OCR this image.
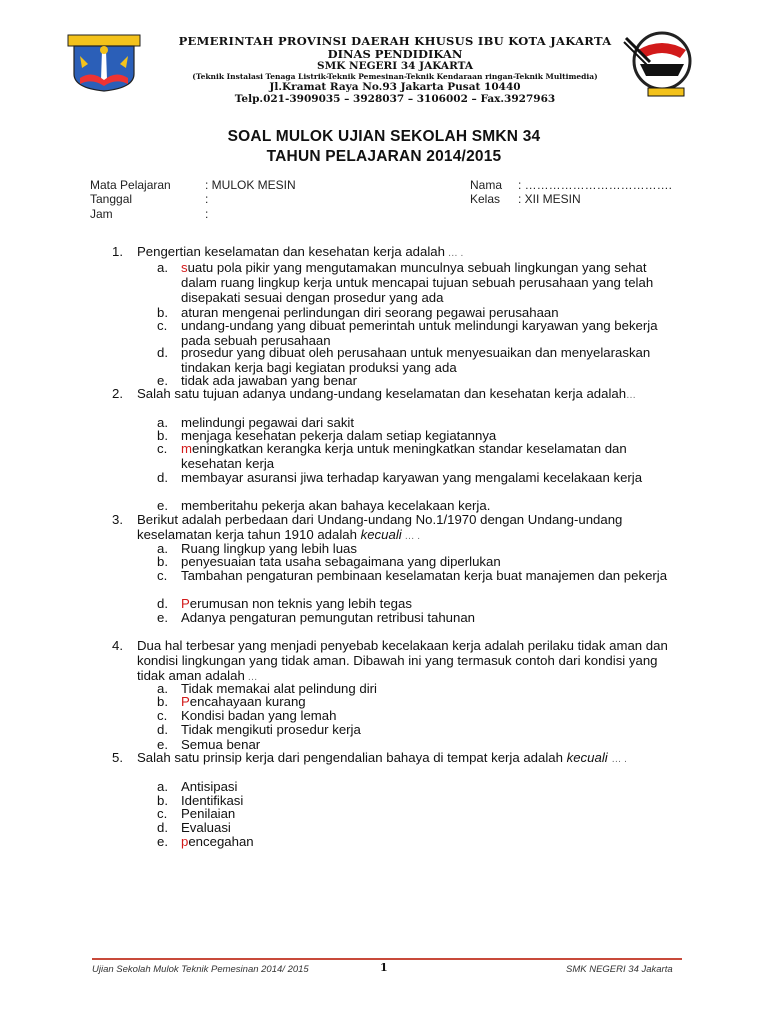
PEMERINTAH PROVINSI DAERAH KHUSUS IBU KOTA JAKARTA
DINAS PENDIDIKAN
SMK NEGERI 34 JAKARTA
(Teknik Instalasi Tenaga Listrik-Teknik Pemesinan-Teknik Kendaraan ringan-Teknik Multimedia)
Jl.Kramat Raya No.93 Jakarta Pusat 10440
Telp.021-3909035 – 3928037 – 3106002 – Fax.3927963
SOAL MULOK UJIAN SEKOLAH SMKN 34
TAHUN PELAJARAN 2014/2015
Mata Pelajaran	: MULOK MESIN
Tanggal	:
Jam	:
Nama : ……………………………….
Kelas : XII MESIN
1. Pengertian keselamatan dan kesehatan kerja adalah … .
a. suatu pola pikir yang mengutamakan munculnya sebuah lingkungan yang sehat dalam ruang lingkup kerja untuk mencapai tujuan sebuah perusahaan yang telah disepakati sesuai dengan prosedur yang ada
b. aturan mengenai perlindungan diri seorang pegawai perusahaan
c. undang-undang yang dibuat pemerintah untuk melindungi karyawan yang bekerja pada sebuah perusahaan
d. prosedur yang dibuat oleh perusahaan untuk menyesuaikan dan menyelaraskan tindakan kerja bagi kegiatan produksi yang ada
e. tidak ada jawaban yang benar
2. Salah satu tujuan adanya undang-undang keselamatan dan kesehatan kerja adalah…
a. melindungi pegawai dari sakit
b. menjaga kesehatan pekerja dalam setiap kegiatannya
c. meningkatkan kerangka kerja untuk meningkatkan standar keselamatan dan kesehatan kerja
d. membayar asuransi jiwa terhadap karyawan yang mengalami kecelakaan kerja
e. memberitahu pekerja akan bahaya kecelakaan kerja.
3. Berikut adalah perbedaan dari Undang-undang No.1/1970 dengan Undang-undang keselamatan kerja tahun 1910 adalah kecuali … .
a. Ruang lingkup yang lebih luas
b. penyesuaian tata usaha sebagaimana yang diperlukan
c. Tambahan pengaturan pembinaan keselamatan kerja buat manajemen dan pekerja
d. Perumusan non teknis yang lebih tegas
e. Adanya pengaturan pemungutan retribusi tahunan
4. Dua hal terbesar yang menjadi penyebab kecelakaan kerja adalah perilaku tidak aman dan kondisi lingkungan yang tidak aman. Dibawah ini yang termasuk contoh dari kondisi yang tidak aman adalah …
a. Tidak memakai alat pelindung diri
b. Pencahayaan kurang
c. Kondisi badan yang lemah
d. Tidak mengikuti prosedur kerja
e. Semua benar
5. Salah satu prinsip kerja dari pengendalian bahaya di tempat kerja adalah kecuali … .
a. Antisipasi
b. Identifikasi
c. Penilaian
d. Evaluasi
e. pencegahan
Ujian Sekolah Mulok Teknik Pemesinan 2014/ 2015	1	SMK NEGERI 34 Jakarta
